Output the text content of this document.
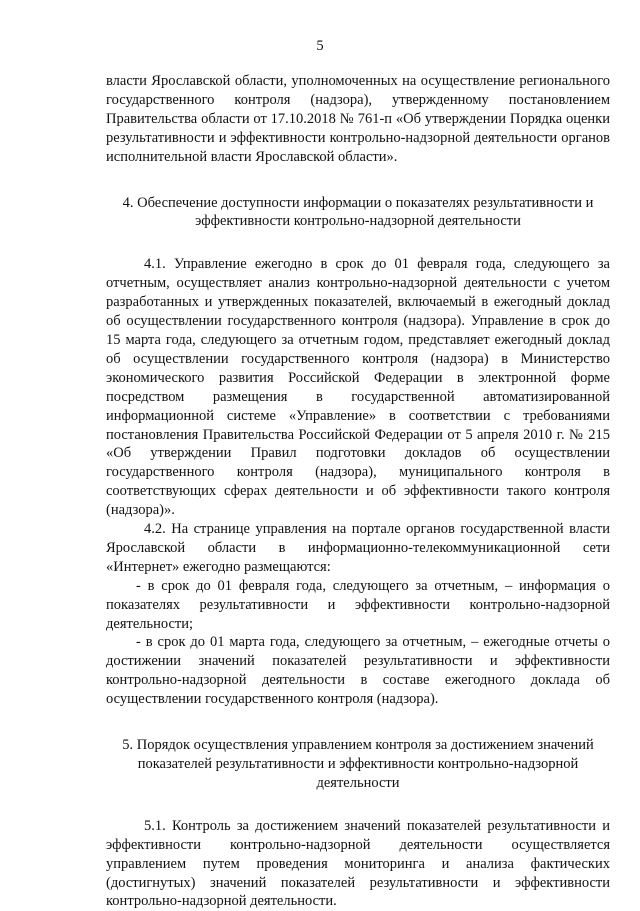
5

власти Ярославской области, уполномоченных на осуществление регионального государственного контроля (надзора), утвержденному постановлением Правительства области от 17.10.2018 № 761-п «Об утверждении Порядка оценки результативности и эффективности контрольно-надзорной деятельности органов исполнительной власти Ярославской области».

4. Обеспечение доступности информации о показателях результативности и эффективности контрольно-надзорной деятельности

4.1. Управление ежегодно в срок до 01 февраля года, следующего за отчетным, осуществляет анализ контрольно-надзорной деятельности с учетом разработанных и утвержденных показателей, включаемый в ежегодный доклад об осуществлении государственного контроля (надзора). Управление в срок до 15 марта года, следующего за отчетным годом, представляет ежегодный доклад об осуществлении государственного контроля (надзора) в Министерство экономического развития Российской Федерации в электронной форме посредством размещения в государственной автоматизированной информационной системе «Управление» в соответствии с требованиями постановления Правительства Российской Федерации от 5 апреля 2010 г. № 215 «Об утверждении Правил подготовки докладов об осуществлении государственного контроля (надзора), муниципального контроля в соответствующих сферах деятельности и об эффективности такого контроля (надзора)».

4.2. На странице управления на портале органов государственной власти Ярославской области в информационно-телекоммуникационной сети «Интернет» ежегодно размещаются:

- в срок до 01 февраля года, следующего за отчетным, – информация о показателях результативности и эффективности контрольно-надзорной деятельности;

- в срок до 01 марта года, следующего за отчетным, – ежегодные отчеты о достижении значений показателей результативности и эффективности контрольно-надзорной деятельности в составе ежегодного доклада об осуществлении государственного контроля (надзора).

5. Порядок осуществления управлением контроля за достижением значений показателей результативности и эффективности контрольно-надзорной деятельности

5.1. Контроль за достижением значений показателей результативности и эффективности контрольно-надзорной деятельности осуществляется управлением путем проведения мониторинга и анализа фактических (достигнутых) значений показателей результативности и эффективности контрольно-надзорной деятельности.
